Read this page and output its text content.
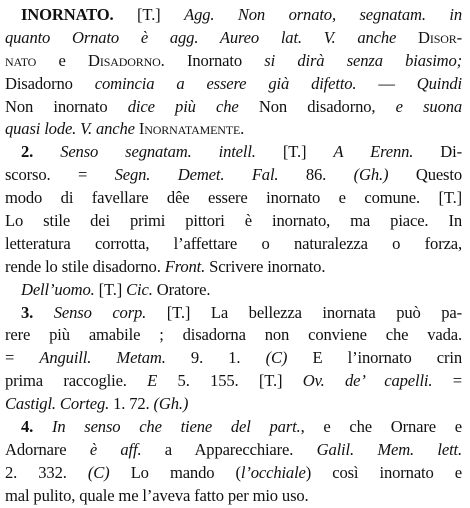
INORNATO. [T.] Agg. Non ornato, segnatam. in
quanto Ornato è agg. Aureo lat. V. anche Disor-
nato e Disadorno. Inornato si dirà senza biasimo;
Disadorno comincia a essere già difetto. — Quindi
Non inornato dice più che Non disadorno, e suona
quasi lode. V. anche Inornatamente.
2. Senso segnatam. intell. [T.] A Erenn. Di-
scorso. = Segn. Demet. Fal. 86. (Gh.) Questo
modo di favellare dêe essere inornato e comune. [T.]
Lo stile dei primi pittori è inornato, ma piace. In
letteratura corrotta, l’affettare o naturalezza o forza,
rende lo stile disadorno. Front. Scrivere inornato.
Dell’uomo. [T.] Cic. Oratore.
3. Senso corp. [T.] La bellezza inornata può pa-
rere più amabile ; disadorna non conviene che vada.
= Anguill. Metam. 9. 1. (C) E l’inornato crin
prima raccoglie. E 5. 155. [T.] Ov. de’ capelli. =
Castigl. Corteg. 1. 72. (Gh.)
4. In senso che tiene del part., e che Ornare e
Adornare è aff. a Apparecchiare. Galil. Mem. lett.
2. 332. (C) Lo mando (l’occhiale) così inornato e
mal pulito, quale me l’aveva fatto per mio uso.
